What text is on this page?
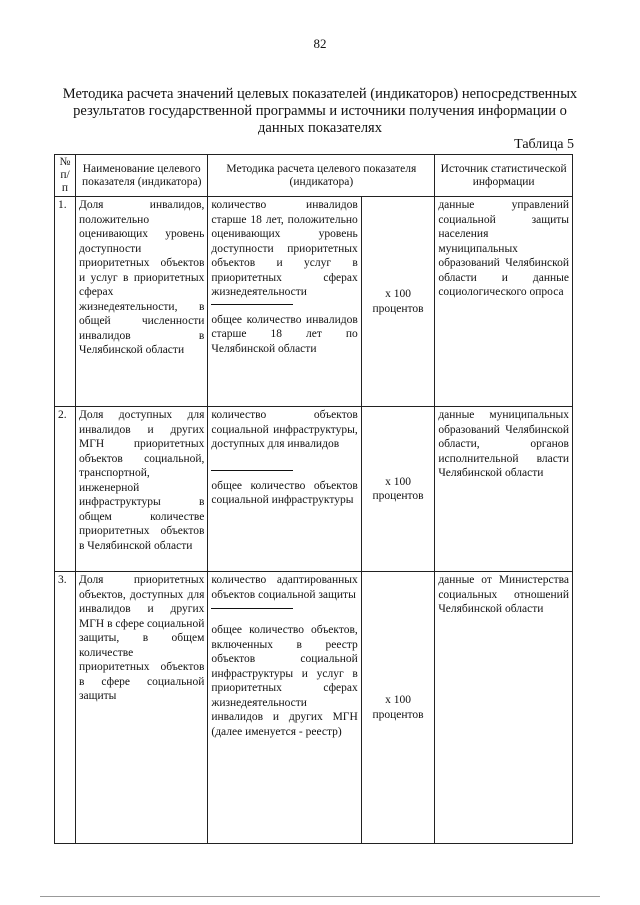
82
Методика расчета значений целевых показателей (индикаторов) непосредственных результатов государственной программы и источники получения информации о данных показателях
Таблица 5
№ п/п	Наименование целевого показателя (индикатора)	Методика расчета целевого показателя (индикатора)		Источник статистической информации
1.	Доля инвалидов, положительно оценивающих уровень доступности приоритетных объектов и услуг в приоритетных сферах жизнедеятельности, в общей численности инвалидов в Челябинской области	количество инвалидов старше 18 лет, положительно оценивающих уровень доступности приоритетных объектов и услуг в приоритетных сферах жизнедеятельности
общее количество инвалидов старше 18 лет по Челябинской области	x 100 процентов	данные управлений социальной защиты населения муниципальных образований Челябинской области и данные социологического опроса
2.	Доля доступных для инвалидов и других МГН приоритетных объектов социальной, транспортной, инженерной инфраструктуры в общем количестве приоритетных объектов в Челябинской области	количество объектов социальной инфраструктуры, доступных для инвалидов
общее количество объектов социальной инфраструктуры	x 100 процентов	данные муниципальных образований Челябинской области, органов исполнительной власти Челябинской области
3.	Доля приоритетных объектов, доступных для инвалидов и других МГН в сфере социальной защиты, в общем количестве приоритетных объектов в сфере социальной защиты	количество адаптированных объектов социальной защиты
общее количество объектов, включенных в реестр объектов социальной инфраструктуры и услуг в приоритетных сферах жизнедеятельности инвалидов и других МГН (далее именуется - реестр)	x 100 процентов	данные от Министерства социальных отношений Челябинской области
